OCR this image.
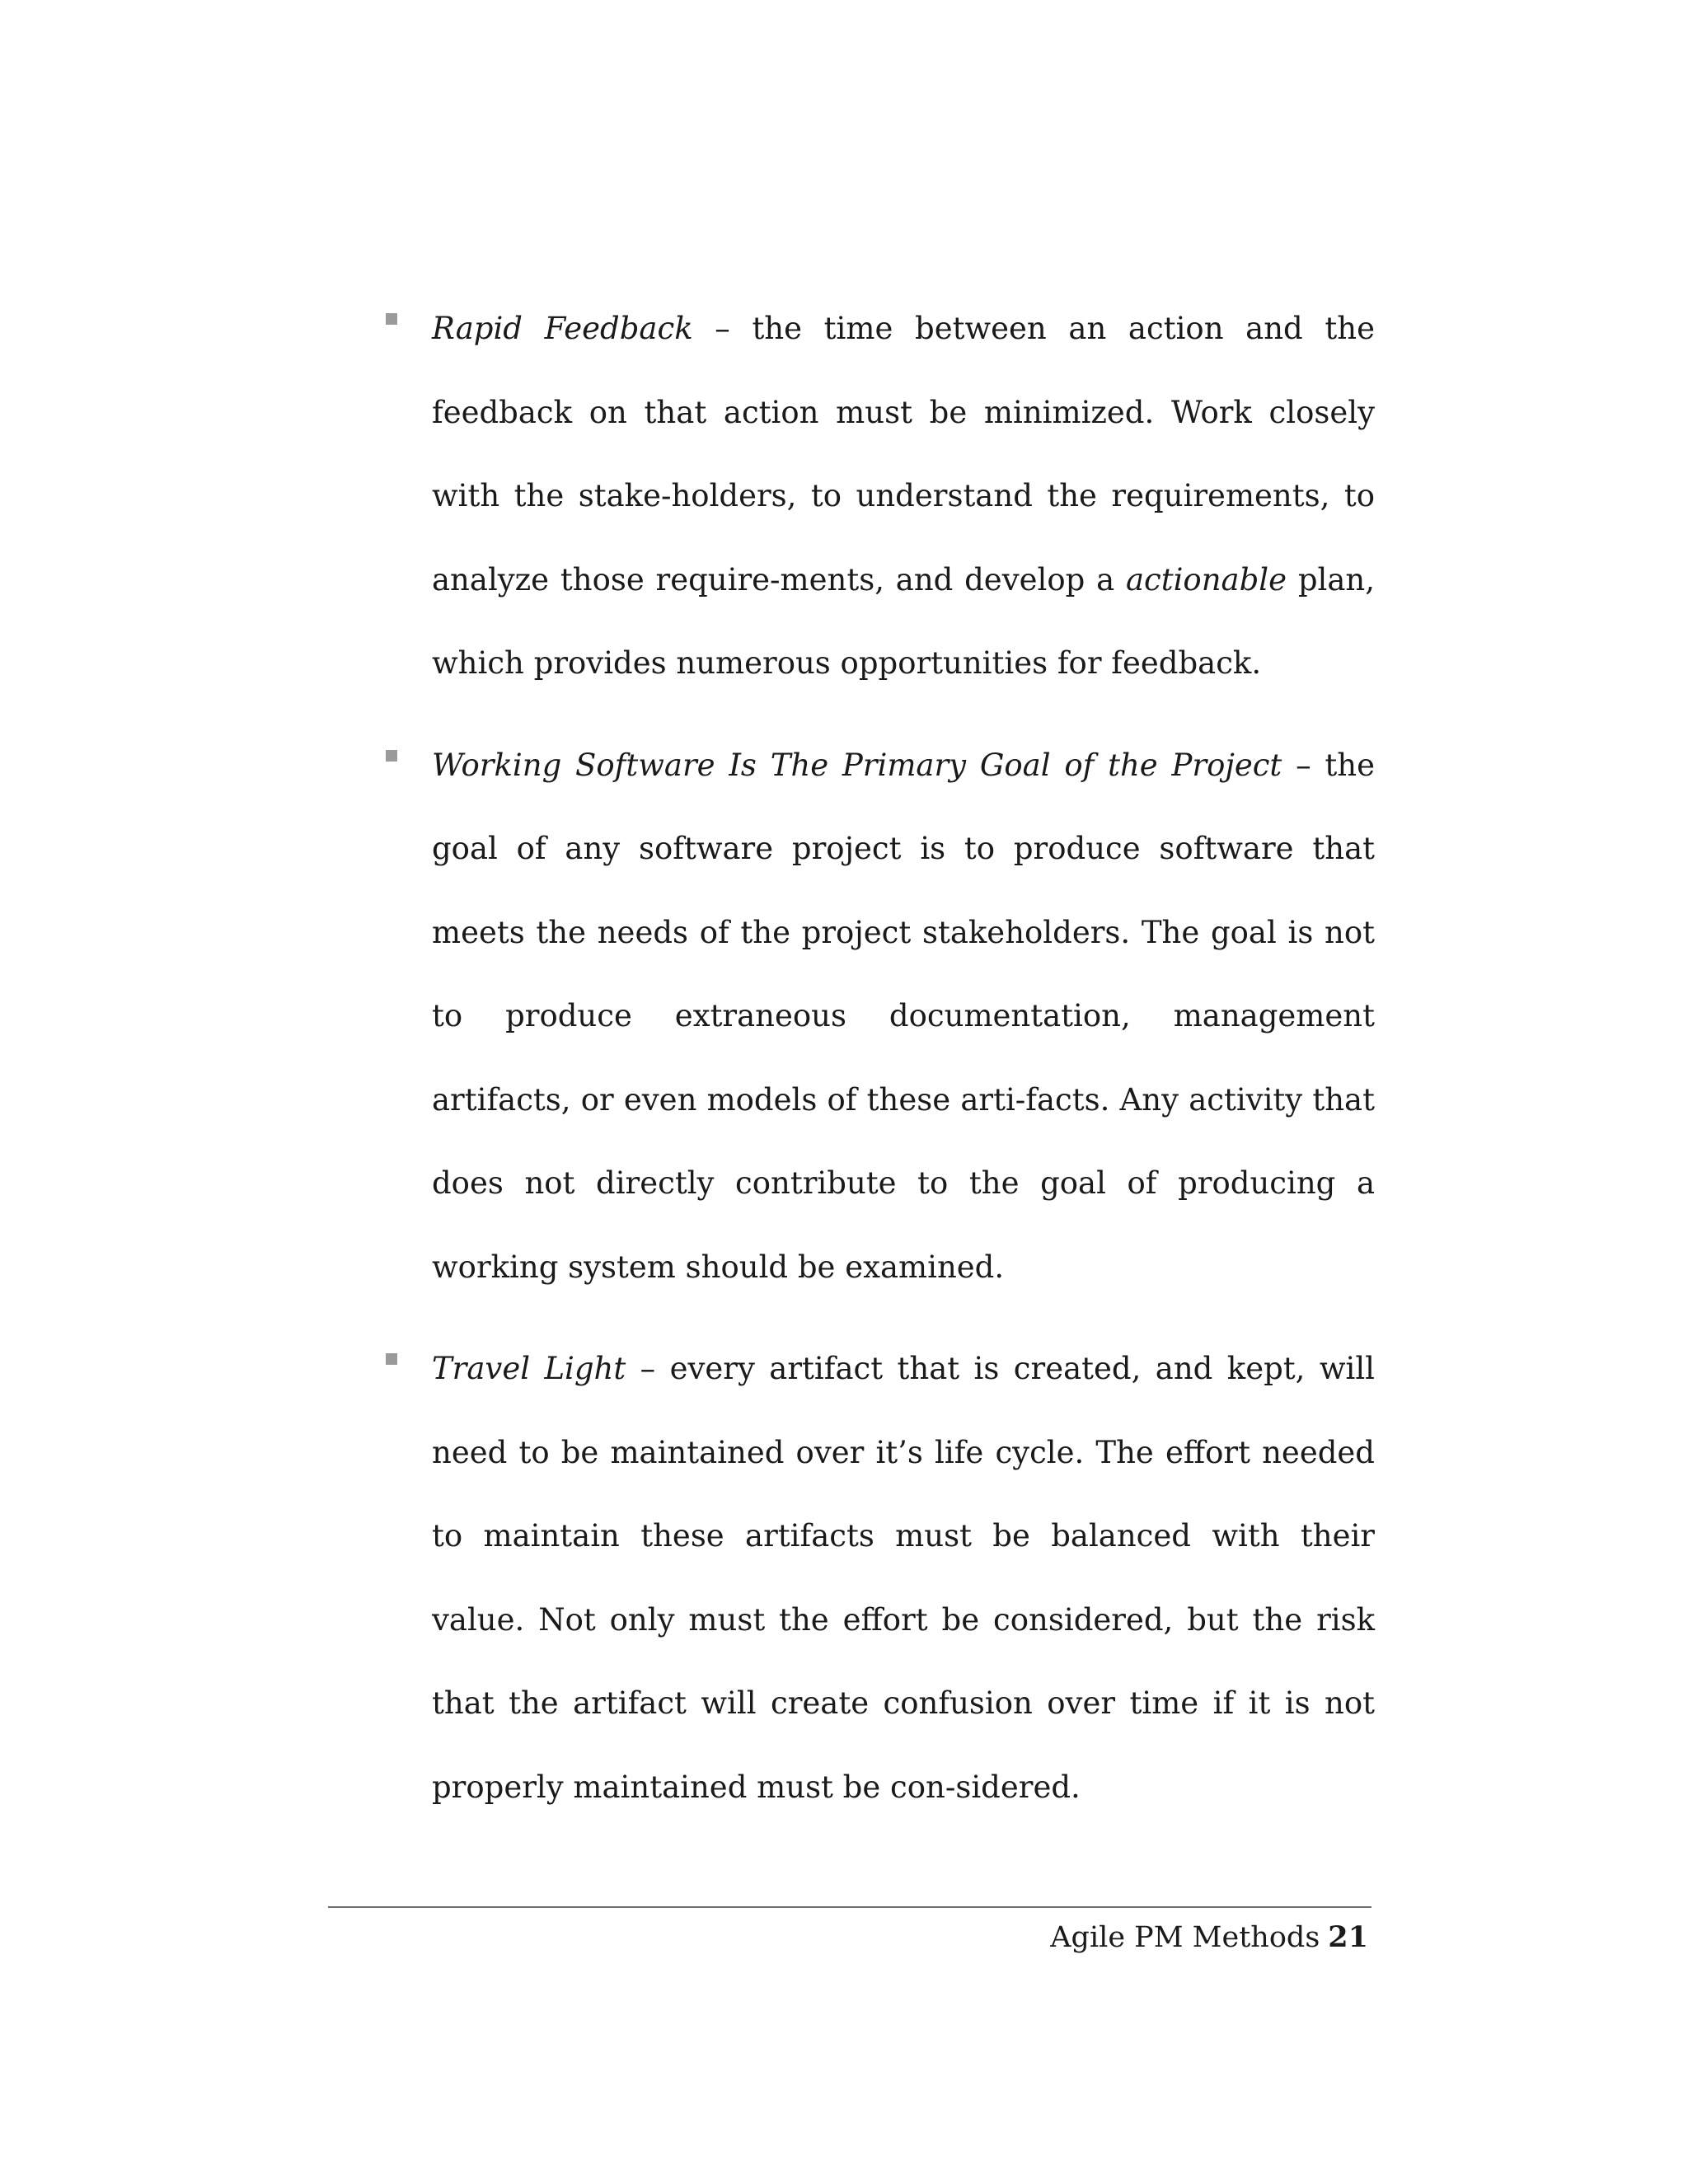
Rapid Feedback – the time between an action and the feedback on that action must be minimized. Work closely with the stake-holders, to understand the requirements, to analyze those require-ments, and develop a actionable plan, which provides numerous opportunities for feedback.

Working Software Is The Primary Goal of the Project – the goal of any software project is to produce software that meets the needs of the project stakeholders. The goal is not to produce extraneous documentation, management artifacts, or even models of these arti-facts. Any activity that does not directly contribute to the goal of producing a working system should be examined.

Travel Light – every artifact that is created, and kept, will need to be maintained over it’s life cycle. The effort needed to maintain these artifacts must be balanced with their value. Not only must the effort be considered, but the risk that the artifact will create confusion over time if it is not properly maintained must be con-sidered.

Agile PM Methods 21
